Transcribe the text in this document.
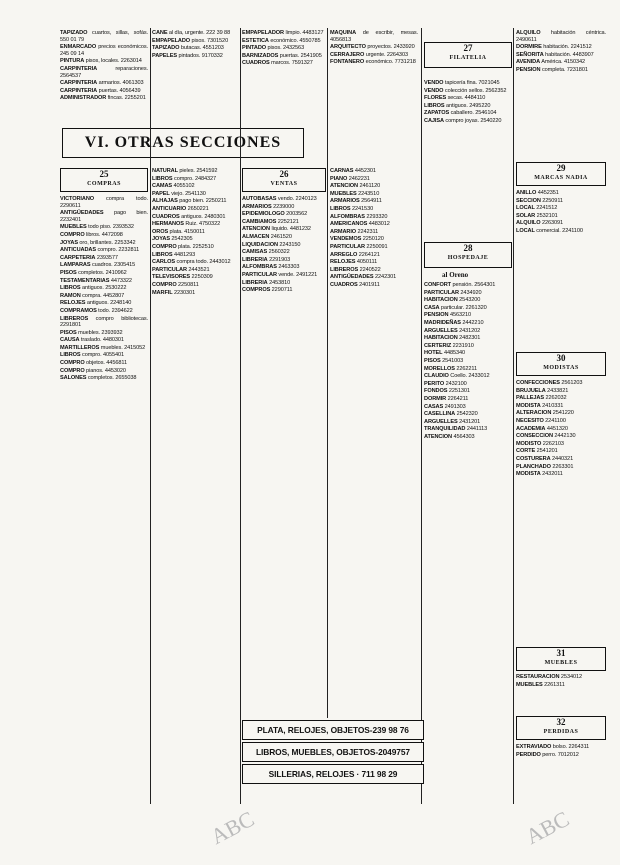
TAPIZADO cuartos, sillas, sofás. 550 01 79

ENMARCADO precios económicos. 245 09 14

PINTURA pisos, locales. 2263014

CARPINTERIA	reparaciones. 2564537

CARPINTERIA armarios. 4061303

CARPINTERIA puertas. 4056439

ADMINISTRADOR fincas. 2255201

CANE al día, urgente. 222 39 88

EMPAPELADO pisos. 7301520

TAPIZADO butacas. 4551203

PAPELES pintados. 9170332

EMPAPELADOR limpio. 4483127

ESTETICA económico. 4550785

PINTADO pisos. 2432563

BARNIZADOS puertas. 2541905

CUADROS marcos. 7591327

MAQUINA de escribir, mesas. 4056813

ARQUITECTO proyectos. 2433920

CERRAJERO urgente. 2264303

FONTANERO económico. 7731218

VENDO tapicería fina. 7021045

VENDO colección sellos. 2562352

FLORES secas. 4484110

LIBROS antiguos. 2495220

ZAPATOS caballero. 2546104

CAJISA compro joyas. 2540220

ALQUILO habitación céntrica. 2490611

DORMIRE habitación. 2241512

SEÑORITA habitación. 4483907

AVENIDA América. 4150342

PENSION completa. 7231801

VI. OTRAS SECCIONES
25
COMPRAS
26
VENTAS
27
FILATELIA
29
MARCAS NADIA
28
HOSPEDAJE
al Oreno
30
MODISTAS
31
MUEBLES
32
PERDIDAS

VICTORIANO compra todo. 2290611

ANTIGÜEDADES pago bien. 2232401

MUEBLES todo piso. 2393532

COMPRO libros. 4472098

JOYAS oro, brillantes. 2253342

ANTICUADAS compro. 2232811

CARPETERIA 2393577

LAMPARAS cuadros. 2305415

PISOS completos. 2410962

TESTAMENTARIAS 4473322

LIBROS antiguos. 2530222

RAMON compra. 4452807

RELOJES antiguos. 2248140

COMPRAMOS todo. 2394622

LIBREROS compro bibliotecas. 2291801

PISOS muebles. 2393932

CAUSA traslado. 4480301

MARTILLEROS muebles. 2415052

LIBROS compro. 4055401

COMPRO objetos. 4456811

COMPRO pianos. 4453020

SALONES completos. 2655038

NATURAL pieles. 2541592

LIBROS compro. 2484327

CAMAS 4055102

PAPEL viejo. 2541130

ALHAJAS pago bien. 2250211

ANTICUARIO 2650221

CUADROS antiguos. 2480301

HERMANOS Ruiz. 4750322

OROS plata. 4150011

JOYAS 2542305

COMPRO plata. 2252510

LIBROS 4481293

CARLOS compra todo. 2443012

PARTICULAR 2443521

TELEVISORES 2250309

COMPRO 2250811

MARFIL 2230301

AUTOBASAS vendo. 2240123

ARMARIOS 2239000

EPIDEMIOLOGO 2003562

CAMBIAMOS 2252121

ATENCION liquido. 4481232

ALMACEN 2461520

LIQUIDACION 2243150

CAMISAS 2560322

LIBRERIA 2291903

ALFOMBRAS 2463303

PARTICULAR vende. 2491221

LIBRERIA 2453810

COMPROS 2290711

CARNAS 4452301

PIANO 2462231

ATENCION 2461120

MUEBLES 2243510

ARMARIOS 2564911

LIBROS 2241530

ALFOMBRAS 2293320

AMERICANOS 4483012

ARMARIO 2242311

VENDEMOS 2250120

PARTICULAR 2250091

ARREGLO 2264121

RELOJES 4050111

LIBREROS 2240522

ANTIGÜEDADES 2242301

CUADROS 2401911	CONFORT pensión. 2564301

PARTICULAR 2434920

HABITACION 2543200

CASA particular. 2261320

PENSION 4563210

MADRIDEÑAS 2442210

ARGUELLES 2431202

HABITACION 2482301

CERTERIZ 2231910

HOTEL 4485340

PISOS 2541003

MORELLOS 2262211

CLAUDIO Coello. 2433012

PERITO 2432100

FONDOS 2251301

DORMIR 2264211

CASAS 2491303

CASELLINA 2542320

ARGUELLES 2431201

TRANQUILIDAD 2441113

ATENCION 4564303

ANILLO 4452351

SECCION 2250911

LOCAL 2241512

SOLAR 2532101

ALQUILO 2263091

LOCAL comercial. 2241100

CONFECCIONES 2561203

BRUJUELA 2433821

PALLEJAS 2262032

MODISTA 2410331

ALTERACION 2541220

NECESITO 2241100

ACADEMIA 4451320

CONSECCION 2442130

MODISTO 2262103

CORTE 2541201

COSTURERA 2440321

PLANCHADO 2263301

MODISTA 2432011

RESTAURACION 2534012

MUEBLES 2261311

EXTRAVIADO bolso. 2264311

PERDIDO perro. 7012012

PLATA, RELOJES, OBJETOS-239 98 76
LIBROS, MUEBLES, OBJETOS-2049757
SILLERIAS, RELOJES · 711 98 29
ABC	ABC
